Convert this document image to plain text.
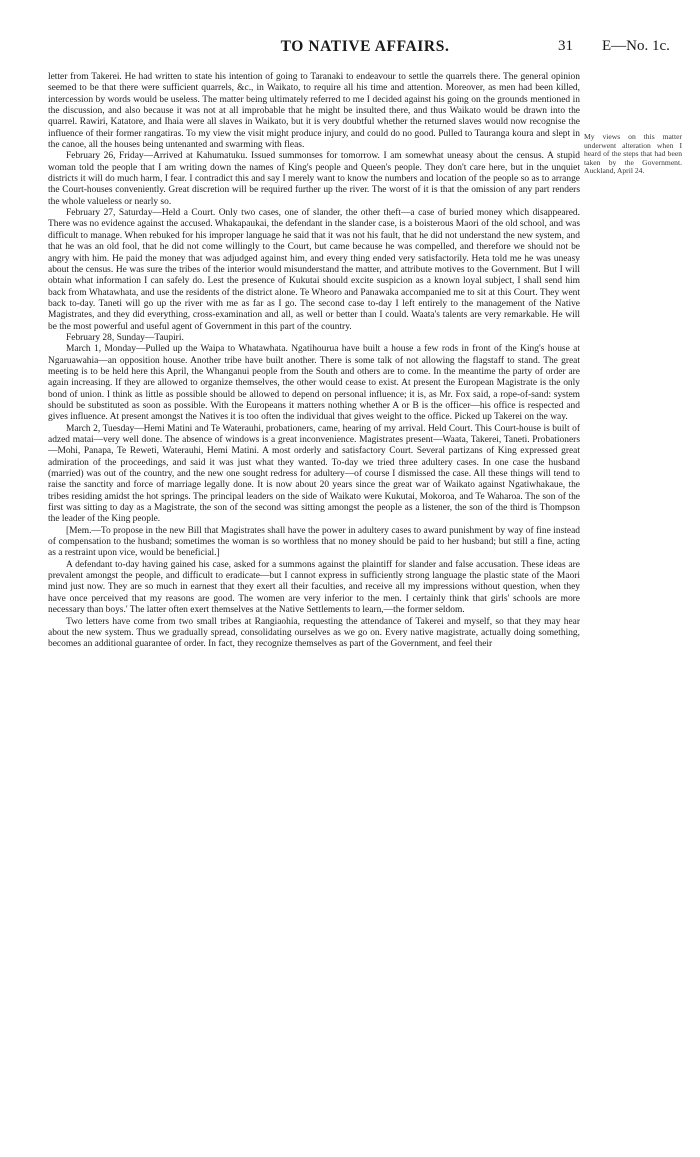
TO NATIVE AFFAIRS.	31 E—No. 1c.
My views on this matter underwent alteration when I heard of the steps that had been taken by the Government. Auckland, April 24.

letter from Takerei. He had written to state his intention of going to Taranaki to endeavour to settle the quarrels there. The general opinion seemed to be that there were sufficient quarrels, &c., in Waikato, to require all his time and attention. Moreover, as men had been killed, intercession by words would be useless. The matter being ultimately referred to me I decided against his going on the grounds mentioned in the discussion, and also because it was not at all improbable that he might be insulted there, and thus Waikato would be drawn into the quarrel. Rawiri, Katatore, and Ihaia were all slaves in Waikato, but it is very doubtful whether the returned slaves would now recognise the influence of their former rangatiras. To my view the visit might produce injury, and could do no good. Pulled to Tauranga koura and slept in the canoe, all the houses being untenanted and swarming with fleas.

February 26, Friday—Arrived at Kahumatuku. Issued summonses for tomorrow. I am somewhat uneasy about the census. A stupid woman told the people that I am writing down the names of King's people and Queen's people. They don't care here, but in the unquiet districts it will do much harm, I fear. I contradict this and say I merely want to know the numbers and location of the people so as to arrange the Court-houses conveniently. Great discretion will be required further up the river. The worst of it is that the omission of any part renders the whole valueless or nearly so.

February 27, Saturday—Held a Court. Only two cases, one of slander, the other theft—a case of buried money which disappeared. There was no evidence against the accused. Whakapaukai, the defendant in the slander case, is a boisterous Maori of the old school, and was difficult to manage. When rebuked for his improper language he said that it was not his fault, that he did not understand the new system, and that he was an old fool, that he did not come willingly to the Court, but came because he was compelled, and therefore we should not be angry with him. He paid the money that was adjudged against him, and every thing ended very satisfactorily. Heta told me he was uneasy about the census. He was sure the tribes of the interior would misunderstand the matter, and attribute motives to the Government. But I will obtain what information I can safely do. Lest the presence of Kukutai should excite suspicion as a known loyal subject, I shall send him back from Whatawhata, and use the residents of the district alone. Te Wheoro and Panawaka accompanied me to sit at this Court. They went back to-day. Taneti will go up the river with me as far as I go. The second case to-day I left entirely to the management of the Native Magistrates, and they did everything, cross-examination and all, as well or better than I could. Waata's talents are very remarkable. He will be the most powerful and useful agent of Government in this part of the country.

February 28, Sunday—Taupiri.

March 1, Monday—Pulled up the Waipa to Whatawhata. Ngatihourua have built a house a few rods in front of the King's house at Ngaruawahia—an opposition house. Another tribe have built another. There is some talk of not allowing the flagstaff to stand. The great meeting is to be held here this April, the Whanganui people from the South and others are to come. In the meantime the party of order are again increasing. If they are allowed to organize themselves, the other would cease to exist. At present the European Magistrate is the only bond of union. I think as little as possible should be allowed to depend on personal influence; it is, as Mr. Fox said, a rope-of-sand: system should be substituted as soon as possible. With the Europeans it matters nothing whether A or B is the officer—his office is respected and gives influence. At present amongst the Natives it is too often the individual that gives weight to the office. Picked up Takerei on the way.

March 2, Tuesday—Hemi Matini and Te Waterauhi, probationers, came, hearing of my arrival. Held Court. This Court-house is built of adzed matai—very well done. The absence of windows is a great inconvenience. Magistrates present—Waata, Takerei, Taneti. Probationers—Mohi, Panapa, Te Reweti, Waterauhi, Hemi Matini. A most orderly and satisfactory Court. Several partizans of King expressed great admiration of the proceedings, and said it was just what they wanted. To-day we tried three adultery cases. In one case the husband (married) was out of the country, and the new one sought redress for adultery—of course I dismissed the case. All these things will tend to raise the sanctity and force of marriage legally done. It is now about 20 years since the great war of Waikato against Ngatiwhakaue, the tribes residing amidst the hot springs. The principal leaders on the side of Waikato were Kukutai, Mokoroa, and Te Waharoa. The son of the first was sitting to day as a Magistrate, the son of the second was sitting amongst the people as a listener, the son of the third is Thompson the leader of the King people.

[Mem.—To propose in the new Bill that Magistrates shall have the power in adultery cases to award punishment by way of fine instead of compensation to the husband; sometimes the woman is so worthless that no money should be paid to her husband; but still a fine, acting as a restraint upon vice, would be beneficial.]

A defendant to-day having gained his case, asked for a summons against the plaintiff for slander and false accusation. These ideas are prevalent amongst the people, and difficult to eradicate—but I cannot express in sufficiently strong language the plastic state of the Maori mind just now. They are so much in earnest that they exert all their faculties, and receive all my impressions without question, when they have once perceived that my reasons are good. The women are very inferior to the men. I certainly think that girls' schools are more necessary than boys.' The latter often exert themselves at the Native Settlements to learn,—the former seldom.

Two letters have come from two small tribes at Rangiaohia, requesting the attendance of Takerei and myself, so that they may hear about the new system. Thus we gradually spread, consolidating ourselves as we go on. Every native magistrate, actually doing something, becomes an additional guarantee of order. In fact, they recognize themselves as part of the Government, and feel their
